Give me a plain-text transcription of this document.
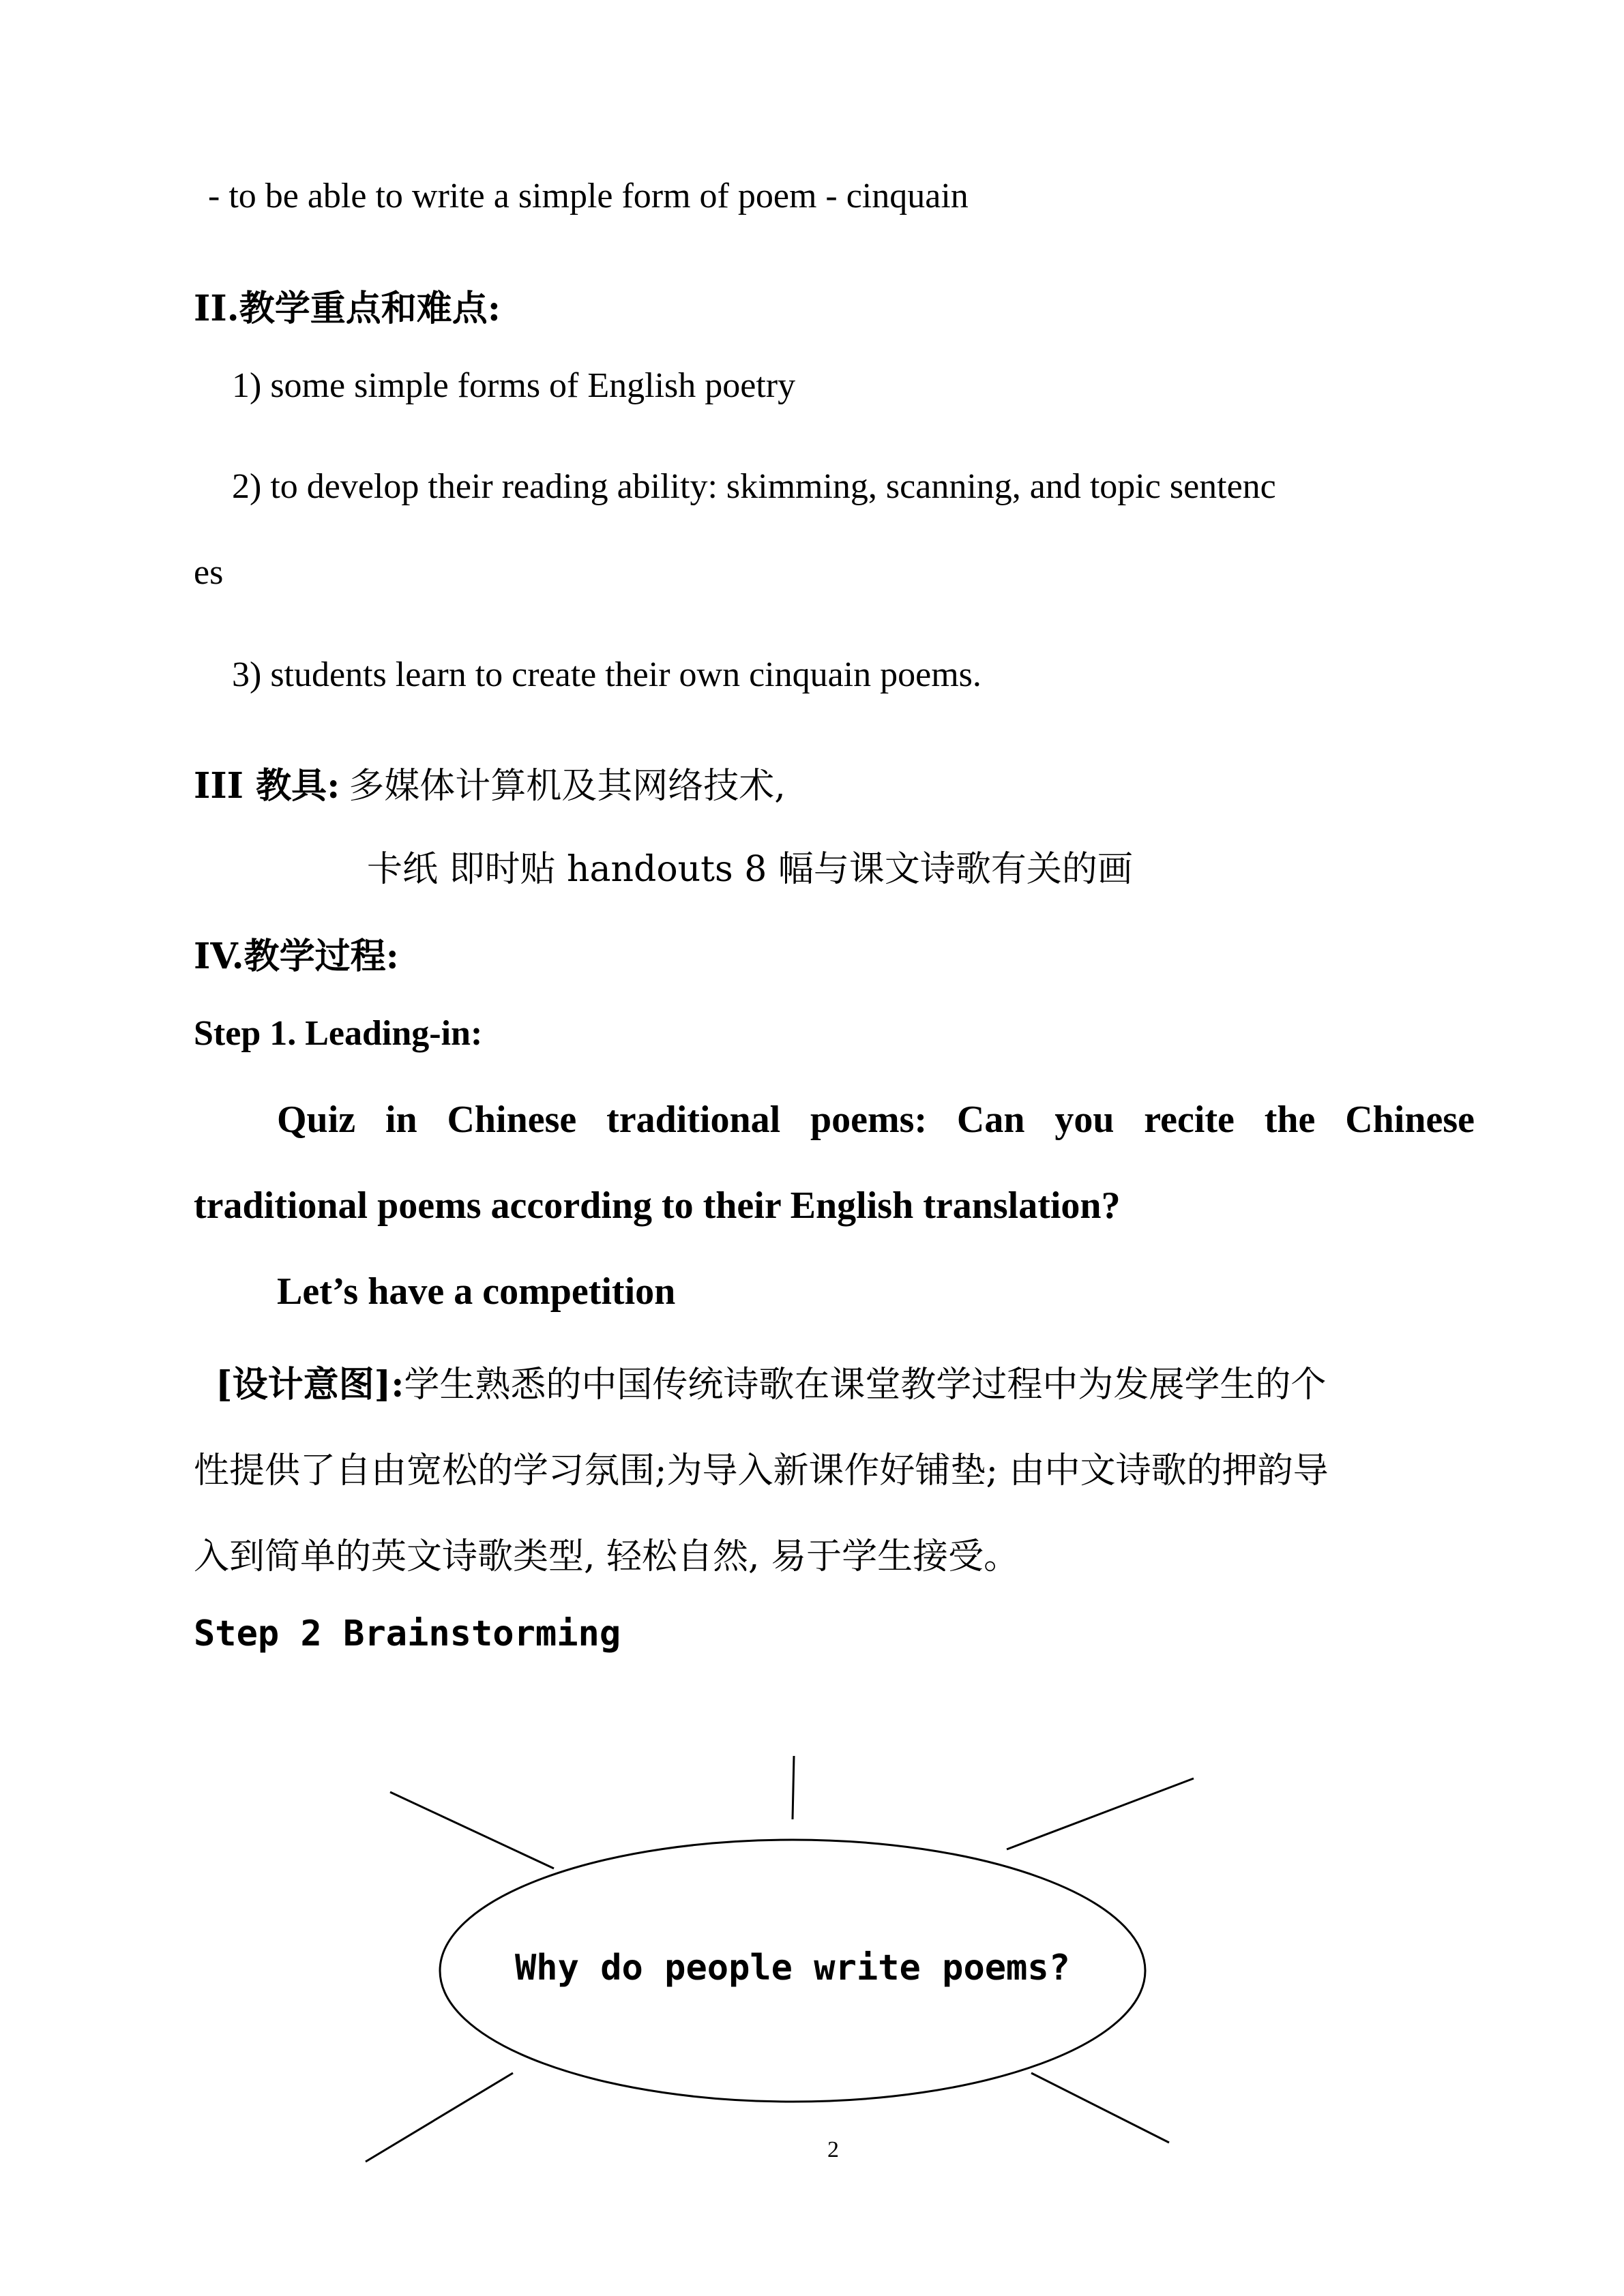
- to be able to write a simple form of poem - cinquain
II.教学重点和难点:
1) some simple forms of English poetry
2) to develop their reading ability: skimming, scanning, and topic sentenc
es
3) students learn to create their own cinquain poems.
III 教具: 多媒体计算机及其网络技术,
卡纸 即时贴 handouts 8 幅与课文诗歌有关的画
IV.教学过程:
Step 1. Leading-in:
Quiz in Chinese traditional poems: Can you recite the Chinese
traditional poems according to their English translation?
Let’s have a competition
[设计意图]:学生熟悉的中国传统诗歌在课堂教学过程中为发展学生的个
性提供了自由宽松的学习氛围;为导入新课作好铺垫; 由中文诗歌的押韵导
入到简单的英文诗歌类型, 轻松自然, 易于学生接受。
Step 2 Brainstorming
Why do people write poems?
2
